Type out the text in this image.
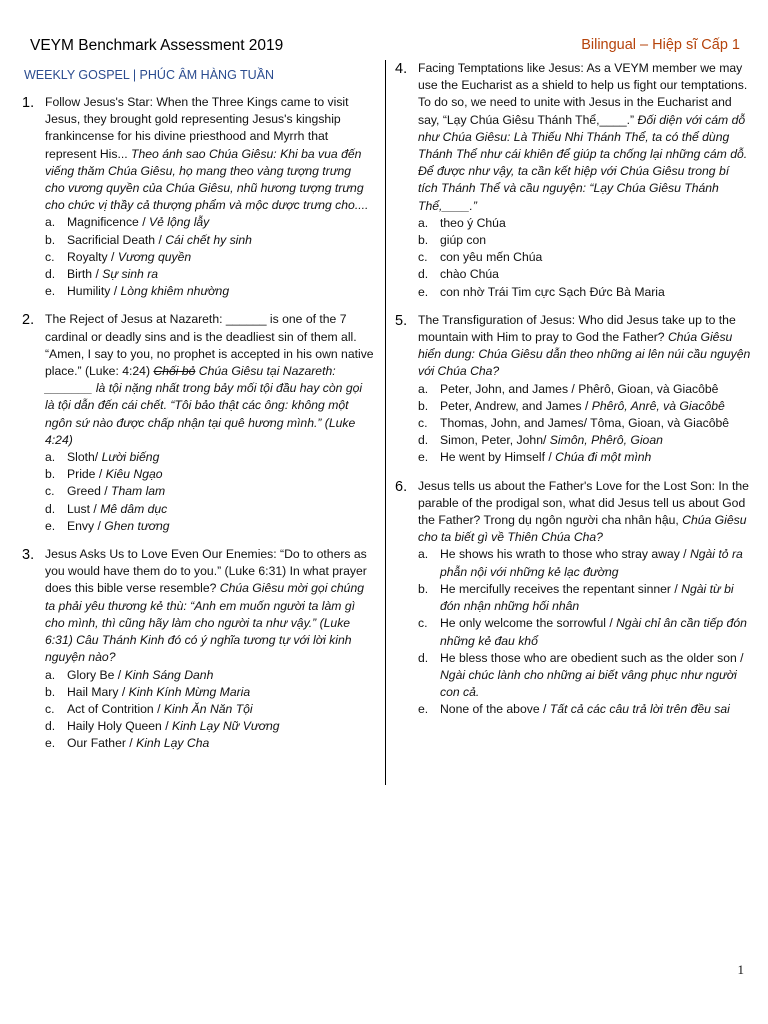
VEYM Benchmark Assessment 2019	Bilingual – Hiệp sĩ Cấp 1
WEEKLY GOSPEL | PHÚC ÂM HÀNG TUẦN
1. Follow Jesus's Star: When the Three Kings came to visit Jesus, they brought gold representing Jesus's kingship frankincense for his divine priesthood and Myrrh that represent His... Theo ánh sao Chúa Giêsu: Khi ba vua đến viếng thăm Chúa Giêsu, họ mang theo vàng tượng trưng cho vương quyền của Chúa Giêsu, nhũ hương tượng trưng cho chức vị thầy cả thượng phẩm và mộc dược trưng cho....

a. Magnificence / Vẻ lộng lẫy
b. Sacrificial Death / Cái chết hy sinh
c. Royalty / Vương quyền
d. Birth / Sự sinh ra
e. Humility / Lòng khiêm nhường
2. The Reject of Jesus at Nazareth: ______ is one of the 7 cardinal or deadly sins and is the deadliest sin of them all. “Amen, I say to you, no prophet is accepted in his own native place.” (Luke: 4:24) Chối bỏ Chúa Giêsu tại Nazareth: _______ là tội nặng nhất trong bảy mối tội đầu hay còn gọi là tội dẫn đến cái chết. “Tôi bảo thật các ông: không một ngôn sứ nào được chấp nhận tại quê hương mình.” (Luke 4:24)

a. Sloth/ Lười biếng
b. Pride / Kiêu Ngạo
c. Greed / Tham lam
d. Lust / Mê dâm dục
e. Envy / Ghen tương
3. Jesus Asks Us to Love Even Our Enemies: “Do to others as you would have them do to you.” (Luke 6:31) In what prayer does this bible verse resemble? Chúa Giêsu mời gọi chúng ta phải yêu thương kẻ thù: “Anh em muốn người ta làm gì cho mình, thì cũng hãy làm cho người ta như vậy.” (Luke 6:31) Câu Thánh Kinh đó có ý nghĩa tương tự với lời kinh nguyện nào?

a. Glory Be / Kinh Sáng Danh
b. Hail Mary / Kinh Kính Mừng Maria
c. Act of Contrition / Kinh Ăn Năn Tội
d. Haily Holy Queen / Kinh Lạy Nữ Vương
e. Our Father / Kinh Lạy Cha
4. Facing Temptations like Jesus: As a VEYM member we may use the Eucharist as a shield to help us fight our temptations. To do so, we need to unite with Jesus in the Eucharist and say, “Lạy Chúa Giêsu Thánh Thể,____.” Đối diện với cám dỗ như Chúa Giêsu: Là Thiếu Nhi Thánh Thể, ta có thể dùng Thánh Thể như cái khiên để giúp ta chống lại những cám dỗ. Để được như vậy, ta cần kết hiệp với Chúa Giêsu trong bí tích Thánh Thể và cầu nguyện: “Lạy Chúa Giêsu Thánh Thể,____.”

a. theo ý Chúa
b. giúp con
c. con yêu mến Chúa
d. chào Chúa
e. con nhờ Trái Tim cực Sạch Đức Bà Maria
5. The Transfiguration of Jesus: Who did Jesus take up to the mountain with Him to pray to God the Father? Chúa Giêsu hiển dung: Chúa Giêsu dẫn theo những ai lên núi cầu nguyện với Chúa Cha?

a. Peter, John, and James / Phêrô, Gioan, và Giacôbê
b. Peter, Andrew, and James / Phêrô, Anrê, và Giacôbê
c. Thomas, John, and James/ Tôma, Gioan, và Giacôbê
d. Simon, Peter, John/ Simôn, Phêrô, Gioan
e. He went by Himself / Chúa đi một mình
6. Jesus tells us about the Father's Love for the Lost Son: In the parable of the prodigal son, what did Jesus tell us about God the Father? Trong dụ ngôn người cha nhân hậu, Chúa Giêsu cho ta biết gì về Thiên Chúa Cha?

a. He shows his wrath to those who stray away / Ngài tỏ ra phẫn nội với những kẻ lạc đường
b. He mercifully receives the repentant sinner / Ngài từ bi đón nhận những hối nhân
c. He only welcome the sorrowful / Ngài chỉ ân cần tiếp đón những kẻ đau khổ
d. He bless those who are obedient such as the older son / Ngài chúc lành cho những ai biết vâng phục như người con cả.
e. None of the above / Tất cả các câu trả lời trên đều sai
1
